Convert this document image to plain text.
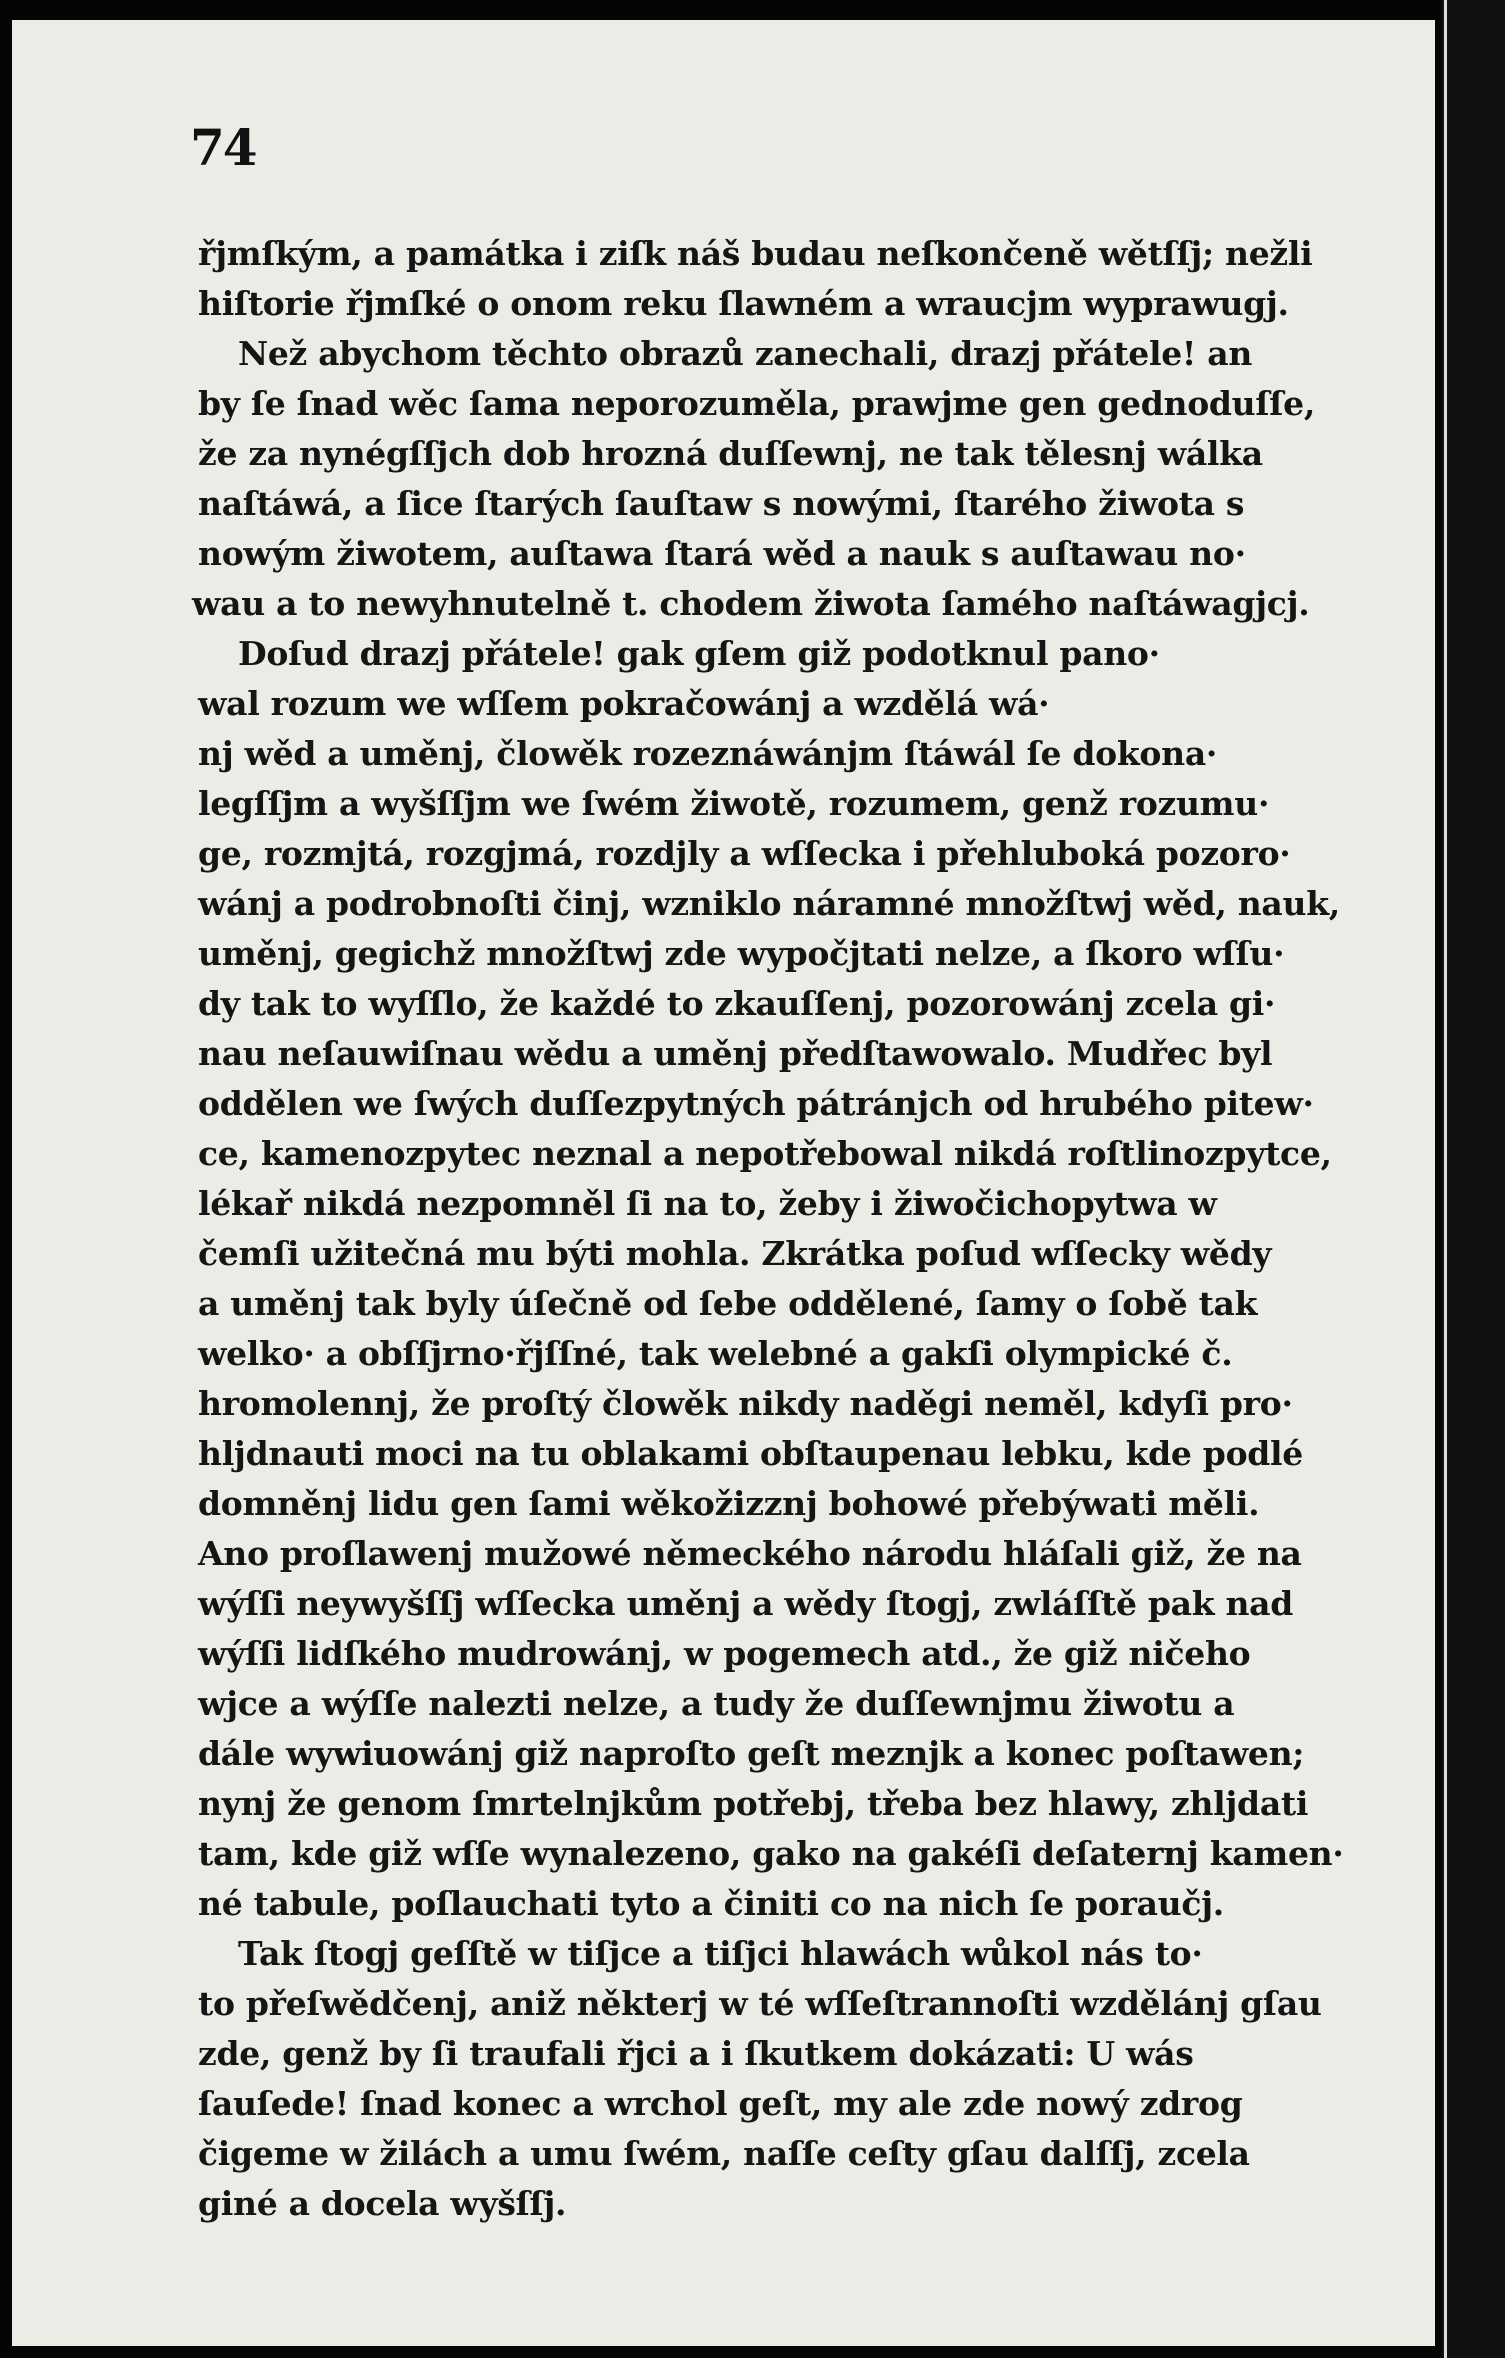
74
řjmſkým, a památka i ziſk náš budau neſkončeně wětſſj; nežli
hiſtorie řjmſké o onom reku ſlawném a wraucjm wyprawugj.
Než abychom těchto obrazů zanechali, drazj přátele! an
by ſe ſnad wěc ſama neporozuměla, prawjme gen gednoduſſe,
že za nynégſſjch dob hrozná duſſewnj, ne tak tělesnj wálka
naſtáwá, a ſice ſtarých ſauſtaw s nowými, ſtarého žiwota s
nowým žiwotem, auſtawa ſtará wěd a nauk s auſtawau no·
wau a to newyhnutelně t. chodem žiwota ſamého naſtáwagjcj.
Doſud drazj přátele! gak gſem giž podotknul pano·
wal rozum we wſſem pokračowánj a wzdělá wá·
nj wěd a uměnj, člowěk rozeznáwánjm ſtáwál ſe dokona·
legſſjm a wyšſſjm we ſwém žiwotě, rozumem, genž rozumu·
ge, rozmjtá, rozgjmá, rozdjly a wſſecka i přehluboká pozoro·
wánj a podrobnoſti činj, wzniklo náramné množſtwj wěd, nauk,
uměnj, gegichž množſtwj zde wypočjtati nelze, a ſkoro wſſu·
dy tak to wyſſlo, že každé to zkauſſenj, pozorowánj zcela gi·
nau neſauwiſnau wědu a uměnj předſtawowalo. Mudřec byl
oddělen we ſwých duſſezpytných pátránjch od hrubého pitew·
ce, kamenozpytec neznal a nepotřebowal nikdá roſtlinozpytce,
lékař nikdá nezpomněl ſi na to, žeby i žiwočichopytwa w
čemſi užitečná mu býti mohla. Zkrátka poſud wſſecky wědy
a uměnj tak byly úſečně od ſebe oddělené, ſamy o ſobě tak
welko· a obſſjrno·řjſſné, tak welebné a gakſi olympické č.
hromolennj, že proſtý člowěk nikdy naděgi neměl, kdyſi pro·
hljdnauti moci na tu oblakami obſtaupenau lebku, kde podlé
domněnj lidu gen ſami wěkožizznj bohowé přebýwati měli.
Ano proſlawenj mužowé německého národu hláſali giž, že na
wýſſi neywyšſſj wſſecka uměnj a wědy ſtogj, zwláſſtě pak nad
wýſſi lidſkého mudrowánj, w pogemech atd., že giž ničeho
wjce a wýſſe nalezti nelze, a tudy že duſſewnjmu žiwotu a
dále wywiuowánj giž naproſto geſt meznjk a konec poſtawen;
nynj že genom ſmrtelnjkům potřebj, třeba bez hlawy, zhljdati
tam, kde giž wſſe wynalezeno, gako na gakéſi deſaternj kamen·
né tabule, poſlauchati tyto a činiti co na nich ſe poraučj.
Tak ſtogj geſſtě w tiſjce a tiſjci hlawách wůkol nás to·
to přeſwědčenj, aniž některj w té wſſeſtrannoſti wzdělánj gſau
zde, genž by ſi traufali řjci a i ſkutkem dokázati: U wás
ſauſede! ſnad konec a wrchol geſt, my ale zde nowý zdrog
čigeme w žilách a umu ſwém, naſſe ceſty gſau dalſſj, zcela
giné a docela wyšſſj.
